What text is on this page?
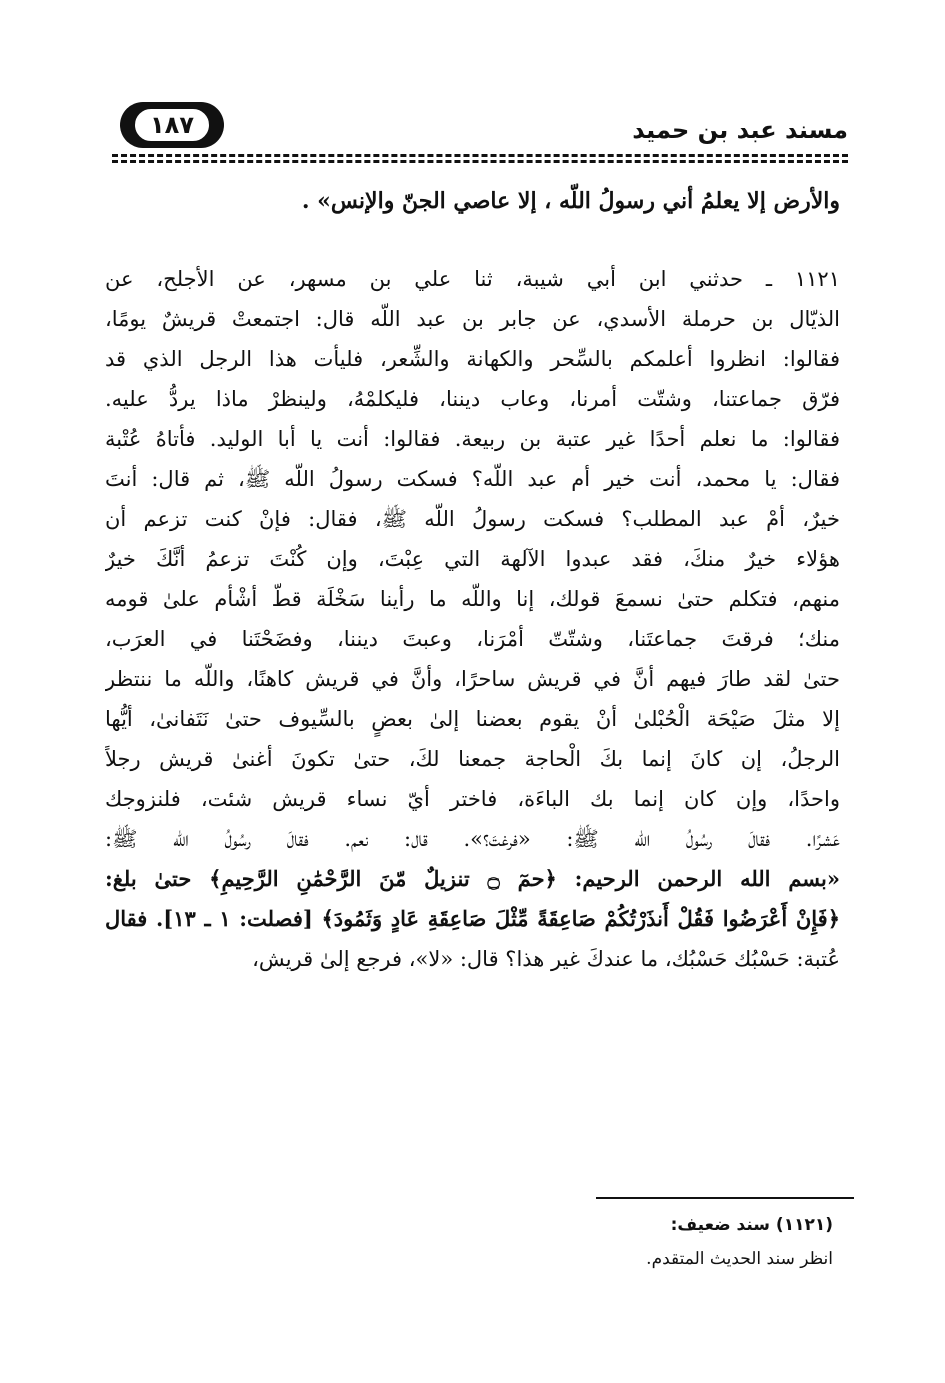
مسند عبد بن حميد
١٨٧
والأرض إلا يعلمُ أني رسولُ اللّه ، إلا عاصي الجنّ والإنس» .
١١٢١ ـ حدثني ابن أبي شيبة، ثنا علي بن مسهر، عن الأجلح، عن
الذيّال بن حرملة الأسدي، عن جابر بن عبد اللّه قال: اجتمعتْ قريشٌ يومًا،
فقالوا: انظروا أعلمكم بالسِّحر والكهانة والشِّعر، فليأت هذا الرجل الذي قد
فرّق جماعتنا، وشتّت أمرنا، وعاب ديننا، فليكلمْهُ، ولينظرْ ماذا يردُّ عليه.
فقالوا: ما نعلم أحدًا غير عتبة بن ربيعة. فقالوا: أنت يا أبا الوليد. فأتاهُ عُتْبة
فقال: يا محمد، أنت خير أم عبد اللّه؟ فسكت رسولُ اللّه ﷺ، ثم قال: أنتَ
خيرٌ، أمْ عبد المطلب؟ فسكت رسولُ اللّه ﷺ، فقال: فإنْ كنت تزعم أن
هؤلاء خيرٌ منكَ، فقد عبدوا الآلهة التي عِبْتَ، وإن كُنْتَ تزعمُ أنَّكَ خيرٌ
منهم، فتكلم حتىٰ نسمعَ قولك، إنا واللّه ما رأينا سَخْلَة قطّ أشْأم علىٰ قومه
منك؛ فرقتَ جماعتَنا، وشتّتّ أمْرَنا، وعبتَ ديننا، وفضَحْتَنا في العرَب،
حتىٰ لقد طارَ فيهم أنَّ في قريش ساحرًا، وأنَّ في قريش كاهنًا، واللّه ما ننتظر
إلا مثلَ صَيْحَة الْحُبْلىٰ أنْ يقوم بعضنا إلىٰ بعضٍ بالسِّيوف حتىٰ نَتَفانىٰ، أيُّها
الرجلُ، إن كانَ إنما بكَ الْحاجة جمعنا لكَ، حتىٰ تكونَ أغنىٰ قريش رجلاً
واحدًا، وإن كان إنما بك الباءَة، فاختر أيّ نساء قريش شئت، فلنزوجك
عَشرًا. فقالَ رسُولُ اللّه ﷺ: «فرغتَ؟». قال: نعم. فقالَ رسُولُ اللّه ﷺ:
«بسم الله الرحمن الرحيم: ﴿حمٓ ۝ تنزيلٌ مّنَ الرَّحْمَٰنِ الرَّحِيمِ﴾ حتىٰ بلغ:
﴿فَإِنْ أَعْرَضُوا فَقُلْ أَنذَرْتُكُمْ صَاعِقَةً مِّثْلَ صَاعِقَةِ عَادٍ وَثَمُودَ﴾ [فصلت: ١ ـ ١٣]. فقال
عُتبة: حَسْبُك حَسْبُك، ما عندكَ غير هذا؟ قال: «لا»، فرجع إلىٰ قريش،
(١١٢١) سند ضعيف:
انظر سند الحديث المتقدم.
